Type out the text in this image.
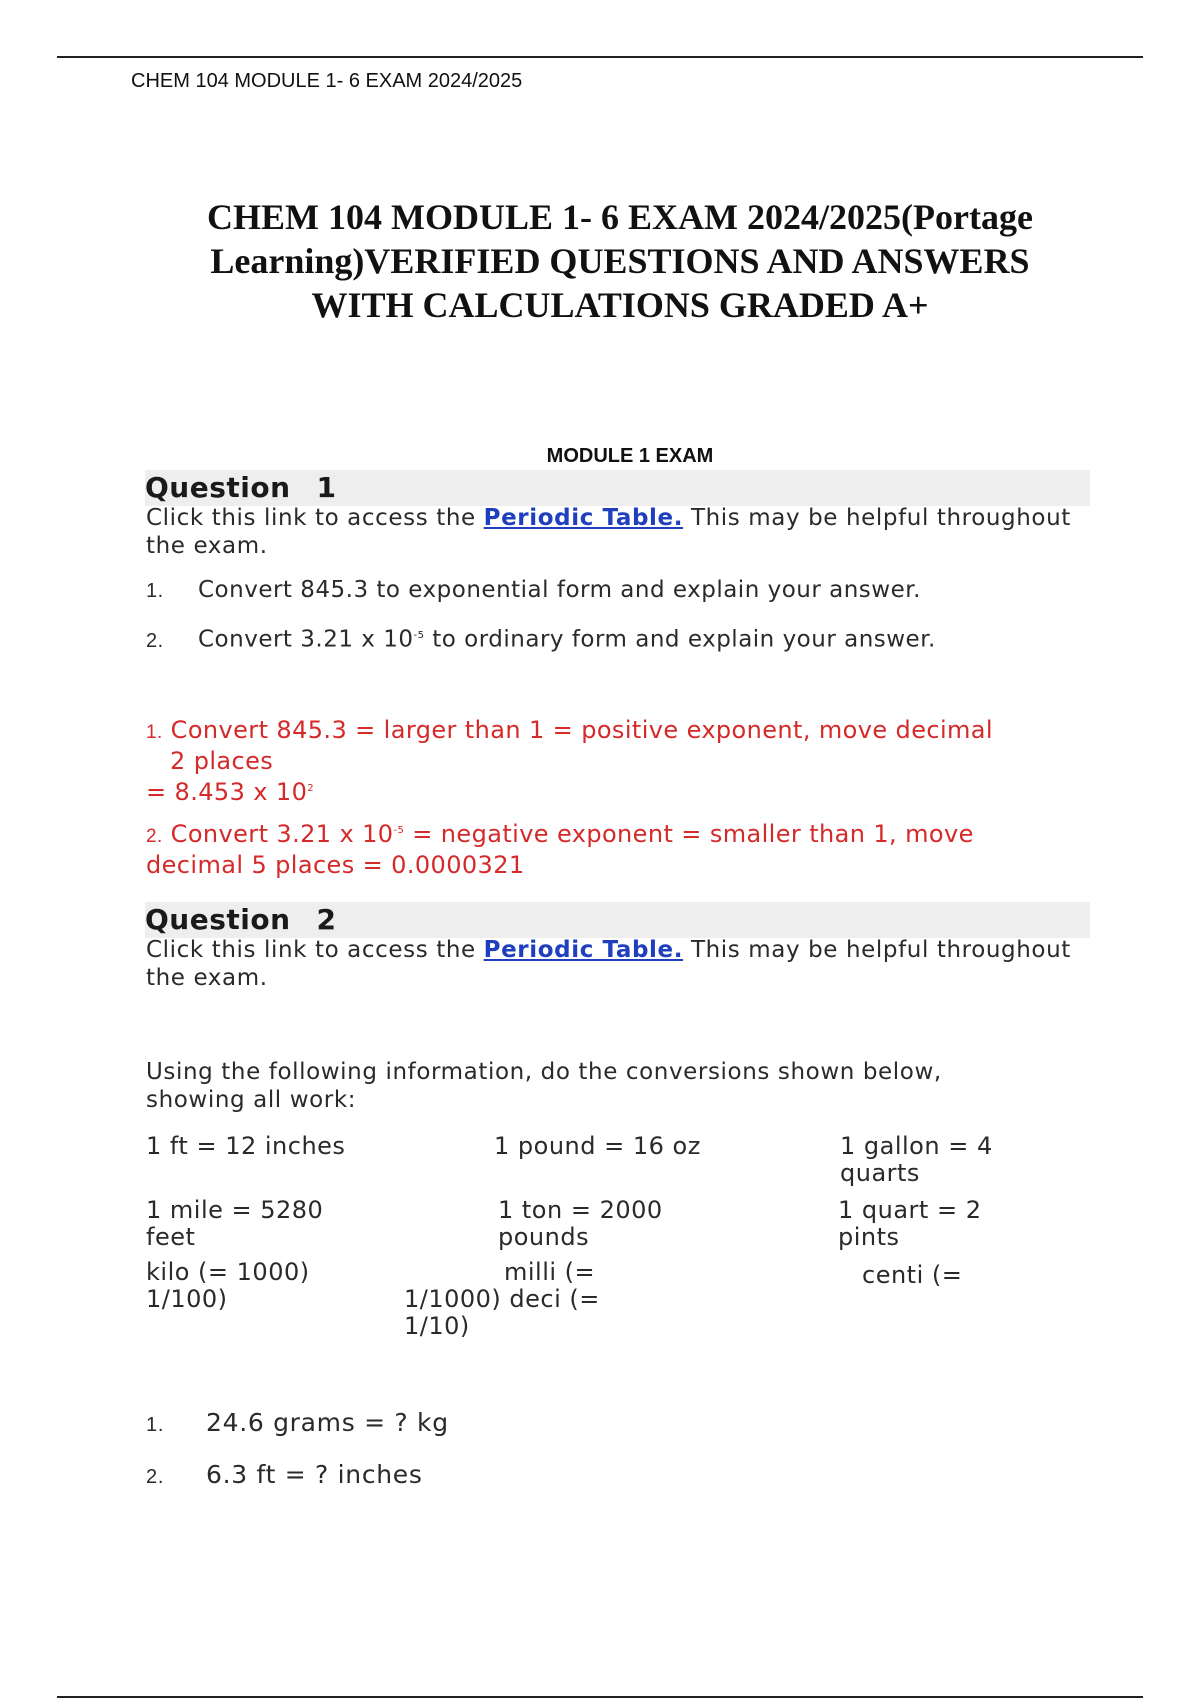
CHEM 104 MODULE 1- 6 EXAM 2024/2025
CHEM 104 MODULE 1- 6 EXAM 2024/2025(Portage
Learning)VERIFIED QUESTIONS AND ANSWERS
WITH CALCULATIONS GRADED A+
MODULE 1 EXAM
Question 1

Click this link to access the Periodic Table. This may be helpful throughout the exam.

1. Convert 845.3 to exponential form and explain your answer.
2. Convert 3.21 x $10^{-5}$ to ordinary form and explain your answer.
1. Convert 845.3 = larger than 1 = positive exponent, move decimal
2 places
= 8.453 x $10^2$
2. Convert 3.21 x $10^{-5}$ = negative exponent = smaller than 1, move
decimal 5 places = 0.0000321
Question 2

Click this link to access the Periodic Table. This may be helpful throughout the exam.

Using the following information, do the conversions shown below, showing all work:

1 ft = 12 inches	1 pound = 16 oz	1 gallon = 4
quarts
1 mile = 5280
feet
1 ton = 2000
pounds
1 quart = 2
pints
kilo (= 1000)
1/100)
milli (=
1/1000) deci (=
1/10)
centi (=
1. 24.6 grams = ? kg
2. 6.3 ft = ? inches
